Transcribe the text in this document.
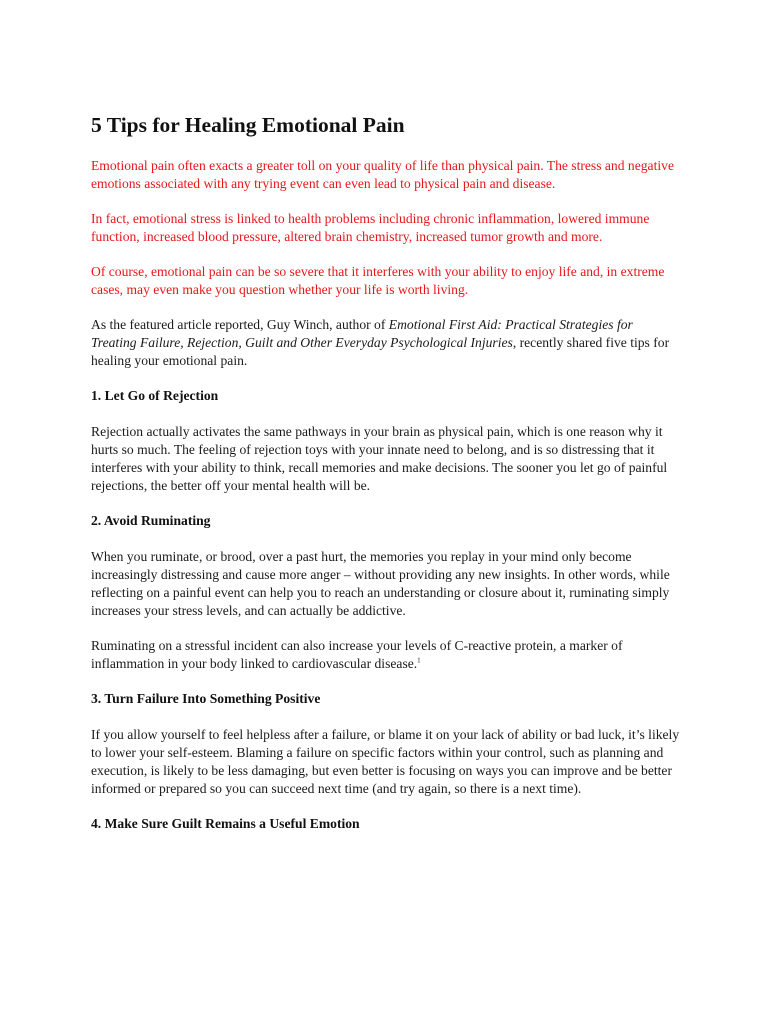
5 Tips for Healing Emotional Pain

Emotional pain often exacts a greater toll on your quality of life than physical pain. The stress and negative emotions associated with any trying event can even lead to physical pain and disease.

In fact, emotional stress is linked to health problems including chronic inflammation, lowered immune function, increased blood pressure, altered brain chemistry, increased tumor growth and more.

Of course, emotional pain can be so severe that it interferes with your ability to enjoy life and, in extreme cases, may even make you question whether your life is worth living.

As the featured article reported, Guy Winch, author of Emotional First Aid: Practical Strategies for Treating Failure, Rejection, Guilt and Other Everyday Psychological Injuries, recently shared five tips for healing your emotional pain.

1. Let Go of Rejection

Rejection actually activates the same pathways in your brain as physical pain, which is one reason why it hurts so much. The feeling of rejection toys with your innate need to belong, and is so distressing that it interferes with your ability to think, recall memories and make decisions. The sooner you let go of painful rejections, the better off your mental health will be.

2. Avoid Ruminating

When you ruminate, or brood, over a past hurt, the memories you replay in your mind only become increasingly distressing and cause more anger – without providing any new insights. In other words, while reflecting on a painful event can help you to reach an understanding or closure about it, ruminating simply increases your stress levels, and can actually be addictive.

Ruminating on a stressful incident can also increase your levels of C-reactive protein, a marker of inflammation in your body linked to cardiovascular disease.$^1$

3. Turn Failure Into Something Positive

If you allow yourself to feel helpless after a failure, or blame it on your lack of ability or bad luck, it’s likely to lower your self-esteem. Blaming a failure on specific factors within your control, such as planning and execution, is likely to be less damaging, but even better is focusing on ways you can improve and be better informed or prepared so you can succeed next time (and try again, so there is a next time).

4. Make Sure Guilt Remains a Useful Emotion
